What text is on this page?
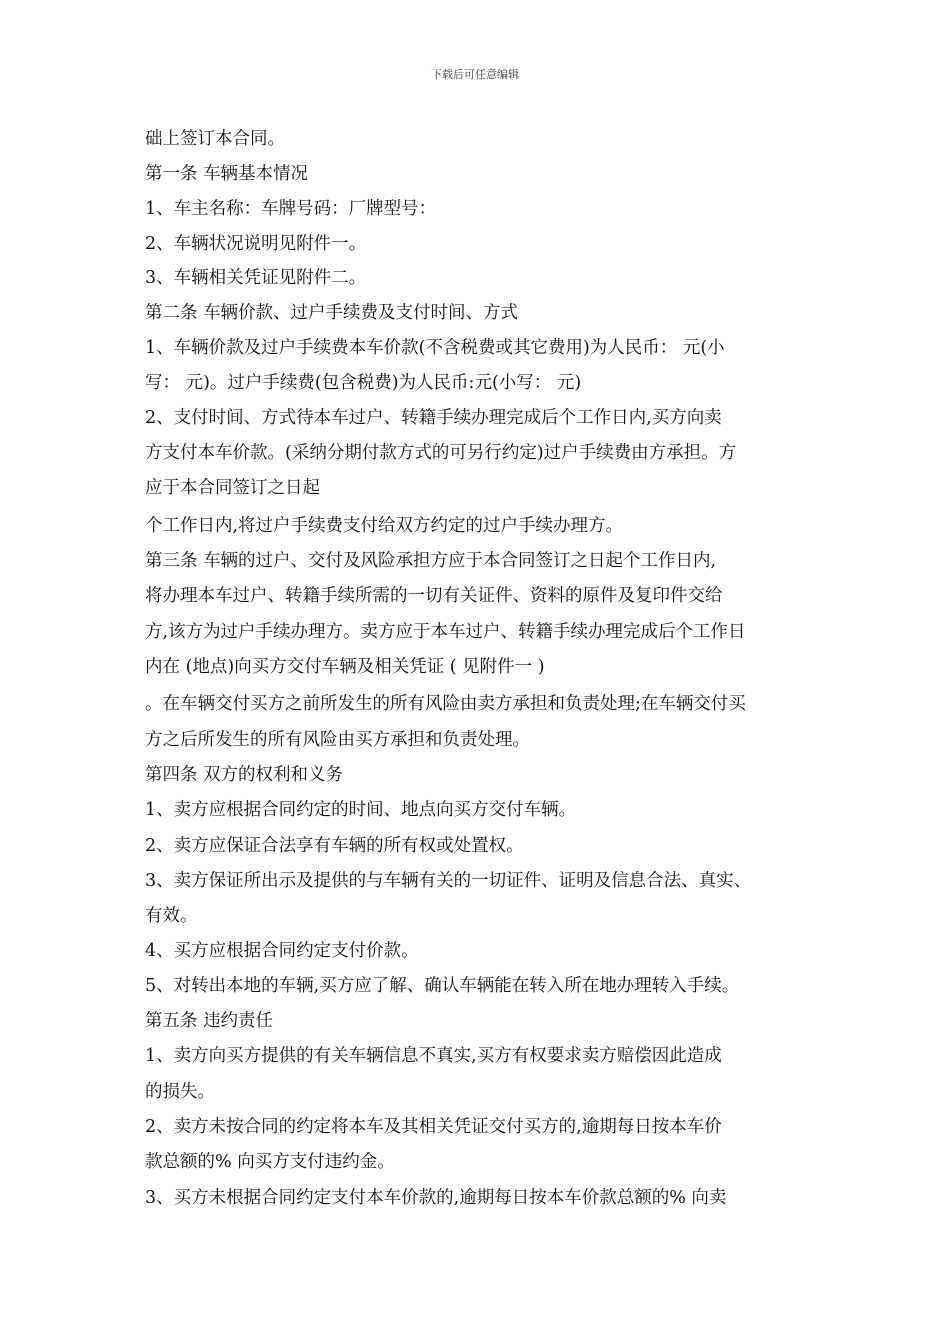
下载后可任意编辑
础上签订本合同。
第一条 车辆基本情况
1、车主名称：车牌号码：厂牌型号：
2、车辆状况说明见附件一。
3、车辆相关凭证见附件二。
第二条 车辆价款、过户手续费及支付时间、方式
1、车辆价款及过户手续费本车价款(不含税费或其它费用)为人民币： 元(小
写： 元)。过户手续费(包含税费)为人民币:元(小写： 元)
2、支付时间、方式待本车过户、转籍手续办理完成后个工作日内,买方向卖
方支付本车价款。(采纳分期付款方式的可另行约定)过户手续费由方承担。方
应于本合同签订之日起
个工作日内,将过户手续费支付给双方约定的过户手续办理方。
第三条 车辆的过户、交付及风险承担方应于本合同签订之日起个工作日内,
将办理本车过户、转籍手续所需的一切有关证件、资料的原件及复印件交给
方,该方为过户手续办理方。卖方应于本车过户、转籍手续办理完成后个工作日
内在 (地点)向买方交付车辆及相关凭证 ( 见附件一 )
。在车辆交付买方之前所发生的所有风险由卖方承担和负责处理;在车辆交付买
方之后所发生的所有风险由买方承担和负责处理。
第四条 双方的权利和义务
1、卖方应根据合同约定的时间、地点向买方交付车辆。
2、卖方应保证合法享有车辆的所有权或处置权。
3、卖方保证所出示及提供的与车辆有关的一切证件、证明及信息合法、真实、
有效。
4、买方应根据合同约定支付价款。
5、对转出本地的车辆,买方应了解、确认车辆能在转入所在地办理转入手续。
第五条 违约责任
1、卖方向买方提供的有关车辆信息不真实,买方有权要求卖方赔偿因此造成
的损失。
2、卖方未按合同的约定将本车及其相关凭证交付买方的,逾期每日按本车价
款总额的% 向买方支付违约金。
3、买方未根据合同约定支付本车价款的,逾期每日按本车价款总额的% 向卖
